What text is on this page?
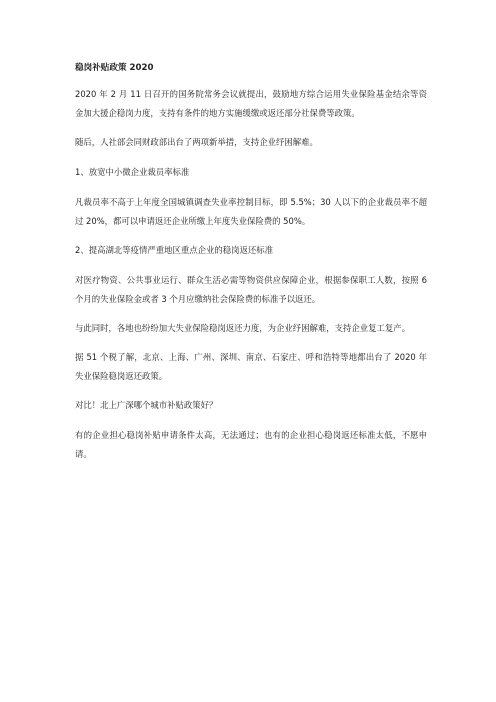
稳岗补贴政策 2020

2020 年 2 月 11 日召开的国务院常务会议就提出，鼓励地方综合运用失业保险基金结余等资金加大援企稳岗力度，支持有条件的地方实施缓缴或返还部分社保费等政策。

随后，人社部会同财政部出台了两项新举措，支持企业纾困解难。

1、放宽中小微企业裁员率标准

凡裁员率不高于上年度全国城镇调查失业率控制目标，即 5.5%；30 人以下的企业裁员率不超过 20%，都可以申请返还企业所缴上年度失业保险费的 50%。

2、提高湖北等疫情严重地区重点企业的稳岗返还标准

对医疗物资、公共事业运行、群众生活必需等物资供应保障企业，根据参保职工人数，按照 6 个月的失业保险金或者 3 个月应缴纳社会保险费的标准予以返还。

与此同时，各地也纷纷加大失业保险稳岗返还力度，为企业纾困解难，支持企业复工复产。

据 51 个税了解，北京、上海、广州、深圳、南京、石家庄、呼和浩特等地都出台了 2020 年失业保险稳岗返还政策。

对比！北上广深哪个城市补贴政策好？

有的企业担心稳岗补贴申请条件太高，无法通过；也有的企业担心稳岗返还标准太低，不愿申请。
